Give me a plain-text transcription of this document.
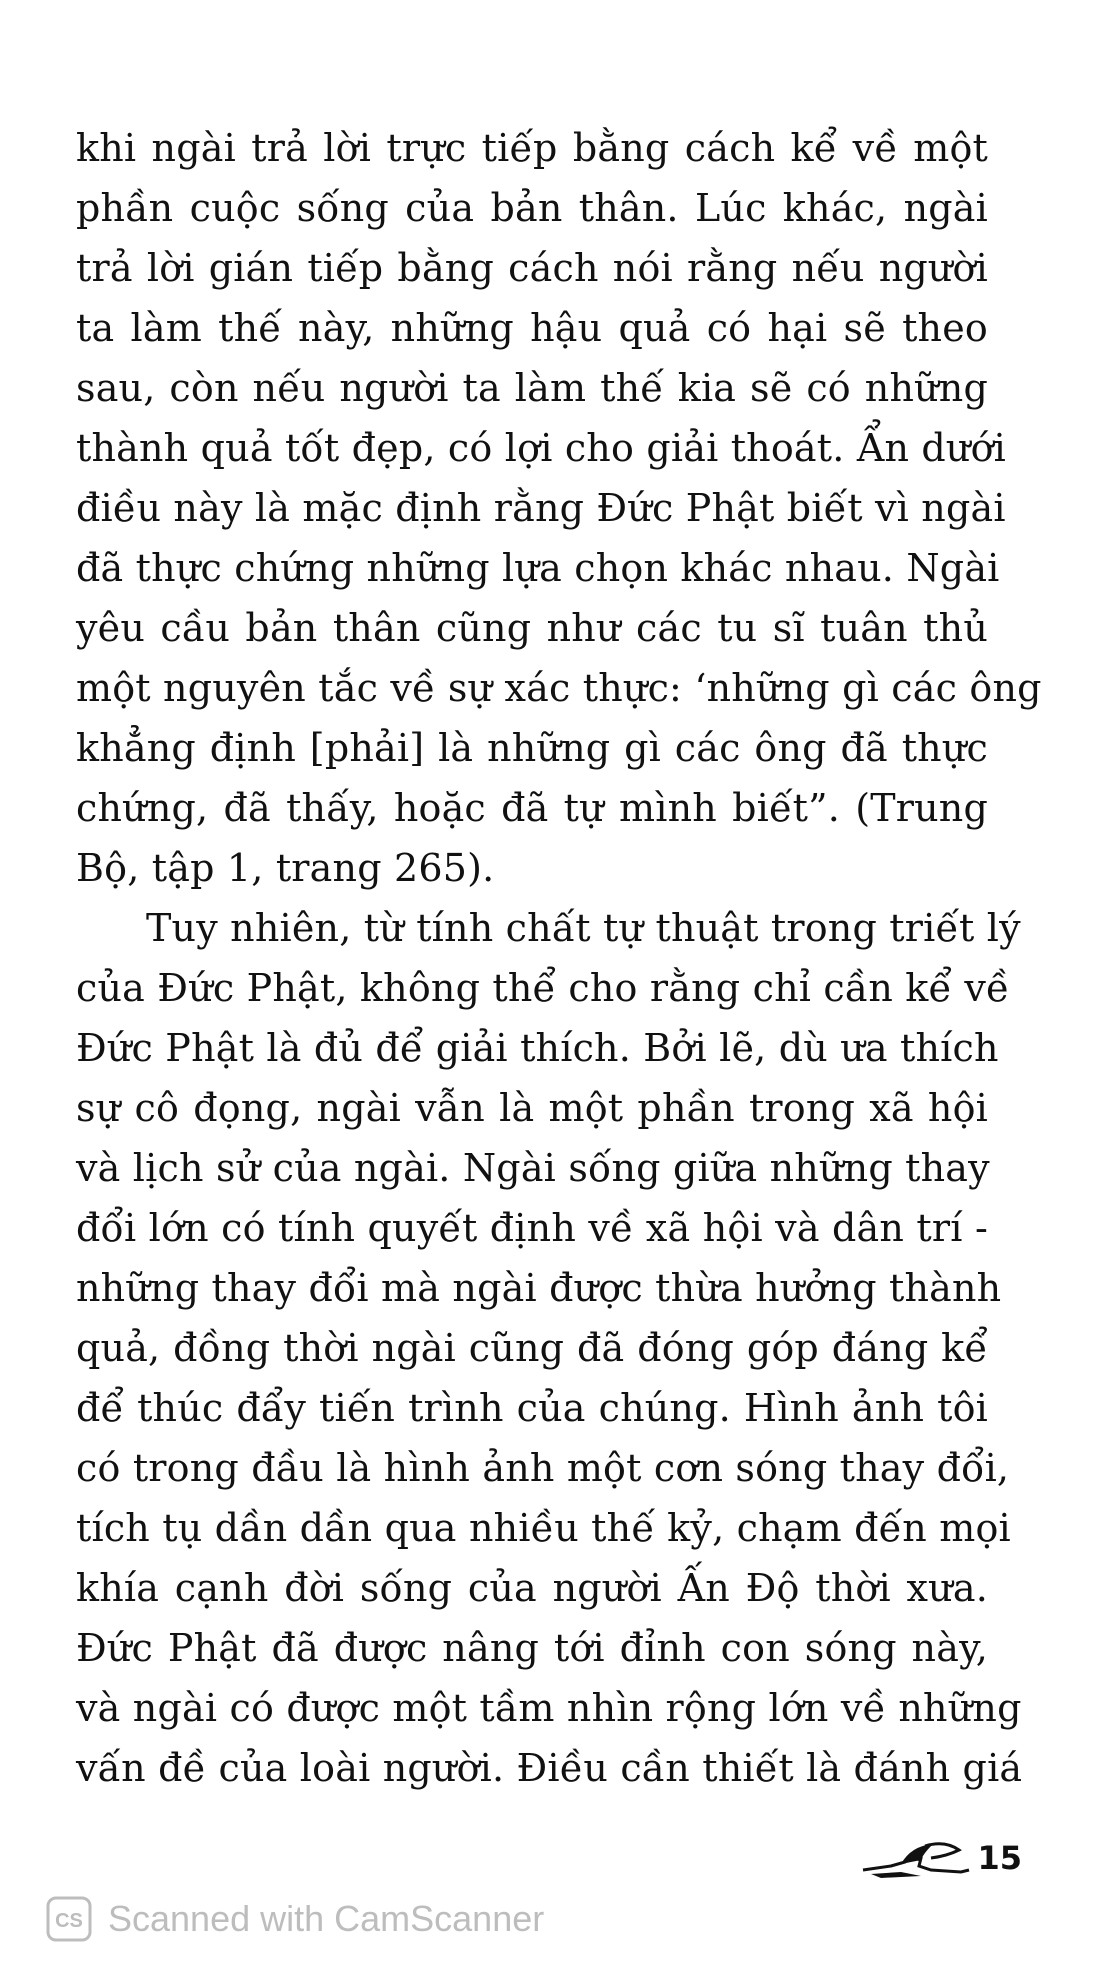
khi ngài trả lời trực tiếp bằng cách kể về một
phần cuộc sống của bản thân. Lúc khác, ngài
trả lời gián tiếp bằng cách nói rằng nếu người
ta làm thế này, những hậu quả có hại sẽ theo
sau, còn nếu người ta làm thế kia sẽ có những
thành quả tốt đẹp, có lợi cho giải thoát. Ẩn dưới
điều này là mặc định rằng Đức Phật biết vì ngài
đã thực chứng những lựa chọn khác nhau. Ngài
yêu cầu bản thân cũng như các tu sĩ tuân thủ
một nguyên tắc về sự xác thực: ‘những gì các ông
khẳng định [phải] là những gì các ông đã thực
chứng, đã thấy, hoặc đã tự mình biết”. (Trung
Bộ, tập 1, trang 265).
Tuy nhiên, từ tính chất tự thuật trong triết lý
của Đức Phật, không thể cho rằng chỉ cần kể về
Đức Phật là đủ để giải thích. Bởi lẽ, dù ưa thích
sự cô đọng, ngài vẫn là một phần trong xã hội
và lịch sử của ngài. Ngài sống giữa những thay
đổi lớn có tính quyết định về xã hội và dân trí -
những thay đổi mà ngài được thừa hưởng thành
quả, đồng thời ngài cũng đã đóng góp đáng kể
để thúc đẩy tiến trình của chúng. Hình ảnh tôi
có trong đầu là hình ảnh một cơn sóng thay đổi,
tích tụ dần dần qua nhiều thế kỷ, chạm đến mọi
khía cạnh đời sống của người Ấn Độ thời xưa.
Đức Phật đã được nâng tới đỉnh con sóng này,
và ngài có được một tầm nhìn rộng lớn về những
vấn đề của loài người. Điều cần thiết là đánh giá
15
CS Scanned with CamScanner
